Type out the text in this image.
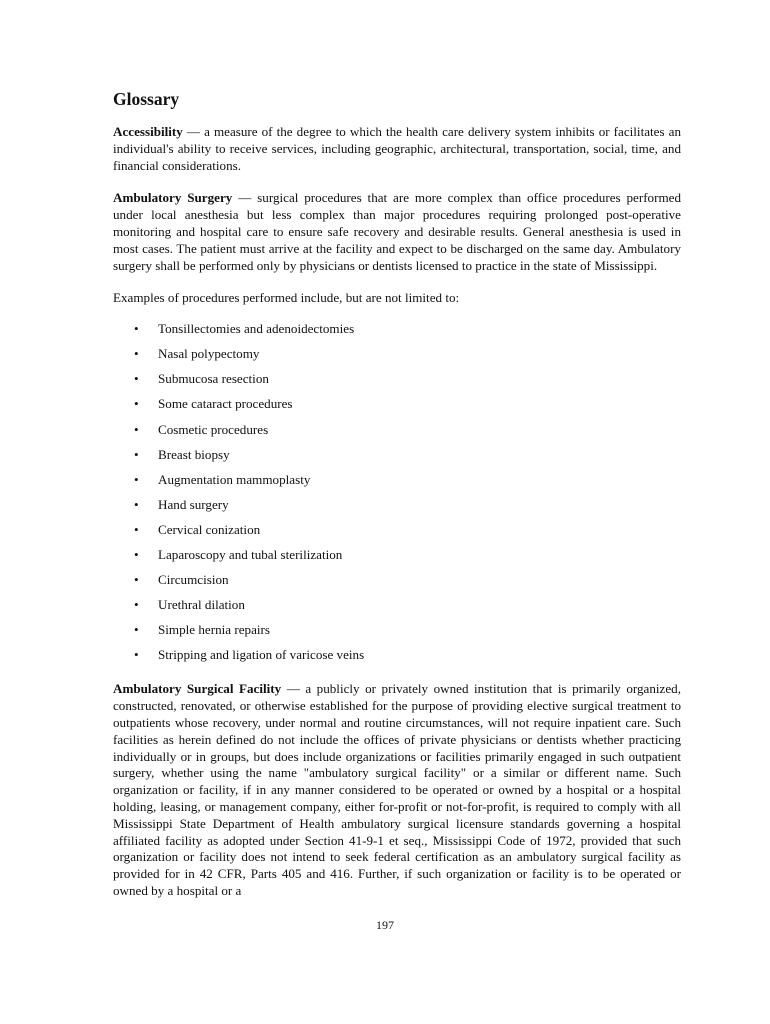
Glossary

Accessibility — a measure of the degree to which the health care delivery system inhibits or facilitates an individual's ability to receive services, including geographic, architectural, transportation, social, time, and financial considerations.

Ambulatory Surgery — surgical procedures that are more complex than office procedures performed under local anesthesia but less complex than major procedures requiring prolonged post-operative monitoring and hospital care to ensure safe recovery and desirable results. General anesthesia is used in most cases. The patient must arrive at the facility and expect to be discharged on the same day. Ambulatory surgery shall be performed only by physicians or dentists licensed to practice in the state of Mississippi.

Examples of procedures performed include, but are not limited to:

• Tonsillectomies and adenoidectomies
• Nasal polypectomy
• Submucosa resection
• Some cataract procedures
• Cosmetic procedures
• Breast biopsy
• Augmentation mammoplasty
• Hand surgery
• Cervical conization
• Laparoscopy and tubal sterilization
• Circumcision
• Urethral dilation
• Simple hernia repairs
• Stripping and ligation of varicose veins

Ambulatory Surgical Facility — a publicly or privately owned institution that is primarily organized, constructed, renovated, or otherwise established for the purpose of providing elective surgical treatment to outpatients whose recovery, under normal and routine circumstances, will not require inpatient care. Such facilities as herein defined do not include the offices of private physicians or dentists whether practicing individually or in groups, but does include organizations or facilities primarily engaged in such outpatient surgery, whether using the name "ambulatory surgical facility" or a similar or different name. Such organization or facility, if in any manner considered to be operated or owned by a hospital or a hospital holding, leasing, or management company, either for-profit or not-for-profit, is required to comply with all Mississippi State Department of Health ambulatory surgical licensure standards governing a hospital affiliated facility as adopted under Section 41-9-1 et seq., Mississippi Code of 1972, provided that such organization or facility does not intend to seek federal certification as an ambulatory surgical facility as provided for in 42 CFR, Parts 405 and 416. Further, if such organization or facility is to be operated or owned by a hospital or a

197
